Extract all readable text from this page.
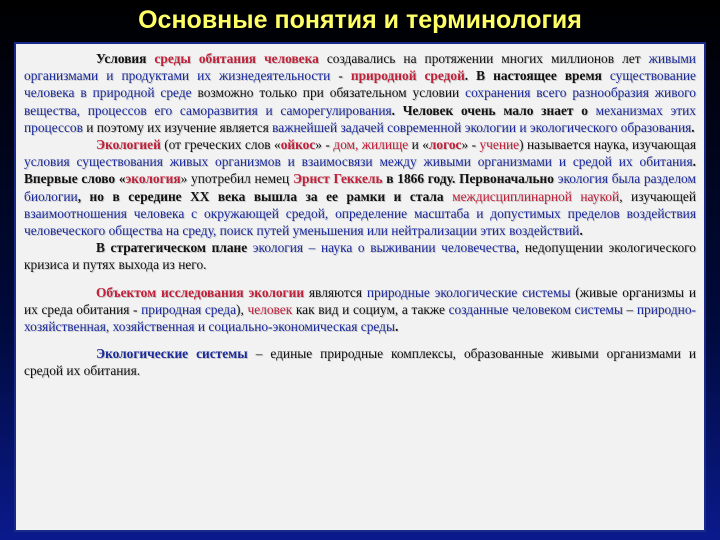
Основные понятия и терминология

Условия среды обитания человека создавались на протяжении многих миллионов лет живыми организмами и продуктами их жизнедеятельности - природной средой. В настоящее время существование человека в природной среде возможно только при обязательном условии сохранения всего разнообразия живого вещества, процессов его саморазвития и саморегулирования. Человек очень мало знает о механизмах этих процессов и поэтому их изучение является важнейшей задачей современной экологии и экологического образования.

Экологией (от греческих слов «ойкос» - дом, жилище и «логос» - учение) называется наука, изучающая условия существования живых организмов и взаимосвязи между живыми организмами и средой их обитания. Впервые слово «экология» употребил немец Эрнст Геккель в 1866 году. Первоначально экология была разделом биологии, но в середине XX века вышла за ее рамки и стала междисциплинарной наукой, изучающей взаимоотношения человека с окружающей средой, определение масштаба и допустимых пределов воздействия человеческого общества на среду, поиск путей уменьшения или нейтрализации этих воздействий.

В стратегическом плане экология – наука о выживании человечества, недопущении экологического кризиса и путях выхода из него.

Объектом исследования экологии являются природные экологические системы (живые организмы и их среда обитания - природная среда), человек как вид и социум, а также созданные человеком системы – природно-хозяйственная, хозяйственная и социально-экономическая среды.

Экологические системы – единые природные комплексы, образованные живыми организмами и средой их обитания.
